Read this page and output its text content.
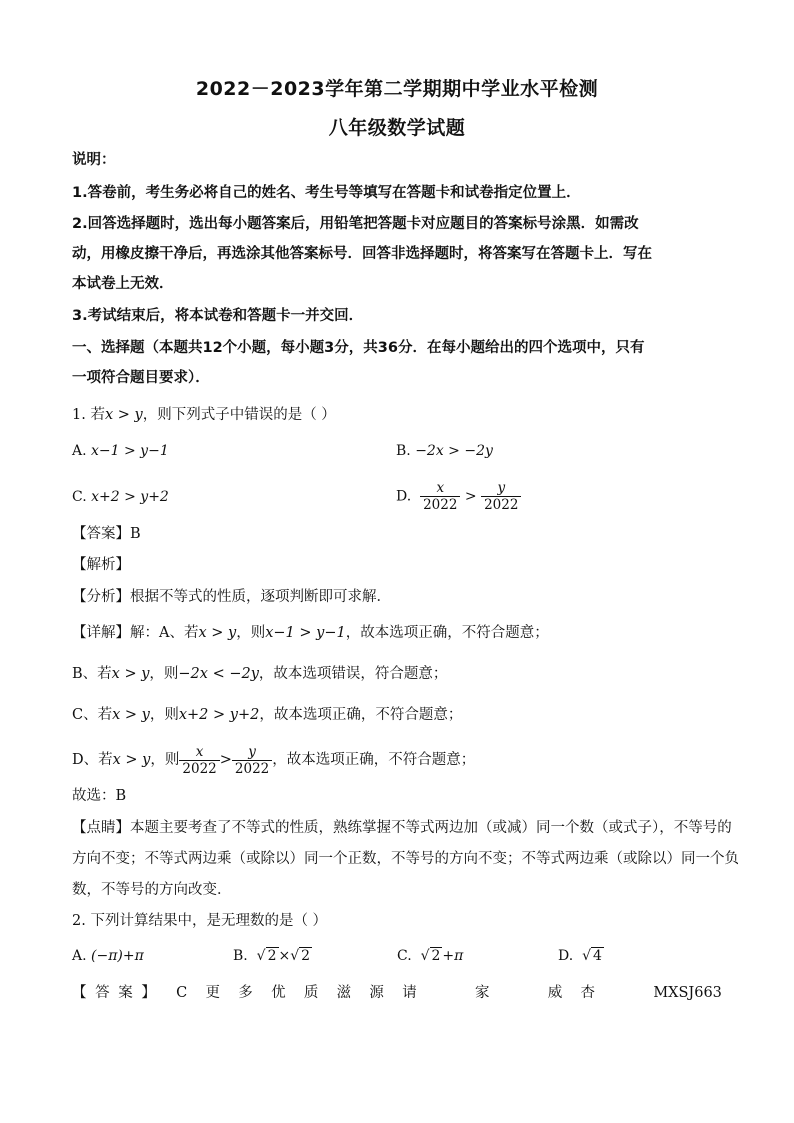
2022－2023学年第二学期期中学业水平检测
八年级数学试题
说明：
1.答卷前，考生务必将自己的姓名、考生号等填写在答题卡和试卷指定位置上．
2.回答选择题时，选出每小题答案后，用铅笔把答题卡对应题目的答案标号涂黑．如需改
动，用橡皮擦干净后，再选涂其他答案标号．回答非选择题时，将答案写在答题卡上．写在
本试卷上无效．
3.考试结束后，将本试卷和答题卡一并交回．
一、选择题（本题共12个小题，每小题3分，共36分．在每小题给出的四个选项中，只有
一项符合题目要求）．
1. 若x > y，则下列式子中错误的是（ ）
A. x−1 > y−1	B. −2x > −2y
C. x+2 > y+2	D. $\frac{x}{2022} > \frac{y}{2022}$
【答案】B
【解析】
【分析】根据不等式的性质，逐项判断即可求解．
【详解】解：A、若x > y，则x−1 > y−1，故本选项正确，不符合题意；
B、若x > y，则−2x < −2y，故本选项错误，符合题意；
C、若x > y，则x+2 > y+2，故本选项正确，不符合题意；
D、若x > y，则 $\frac{x}{2022} > \frac{y}{2022}$ ，故本选项正确，不符合题意；
故选：B
【点睛】本题主要考查了不等式的性质，熟练掌握不等式两边加（或减）同一个数（或式子），不等号的
方向不变；不等式两边乘（或除以）同一个正数，不等号的方向不变；不等式两边乘（或除以）同一个负
数，不等号的方向改变．
2. 下列计算结果中，是无理数的是（ ）
A. (−π)+π	B. √ 2 ×√ 2	C. √ 2 +π	D. √ 4
【 答 案 】 C 更 多 优 质 滋 源 请	家	威 杏	MXSJ663
